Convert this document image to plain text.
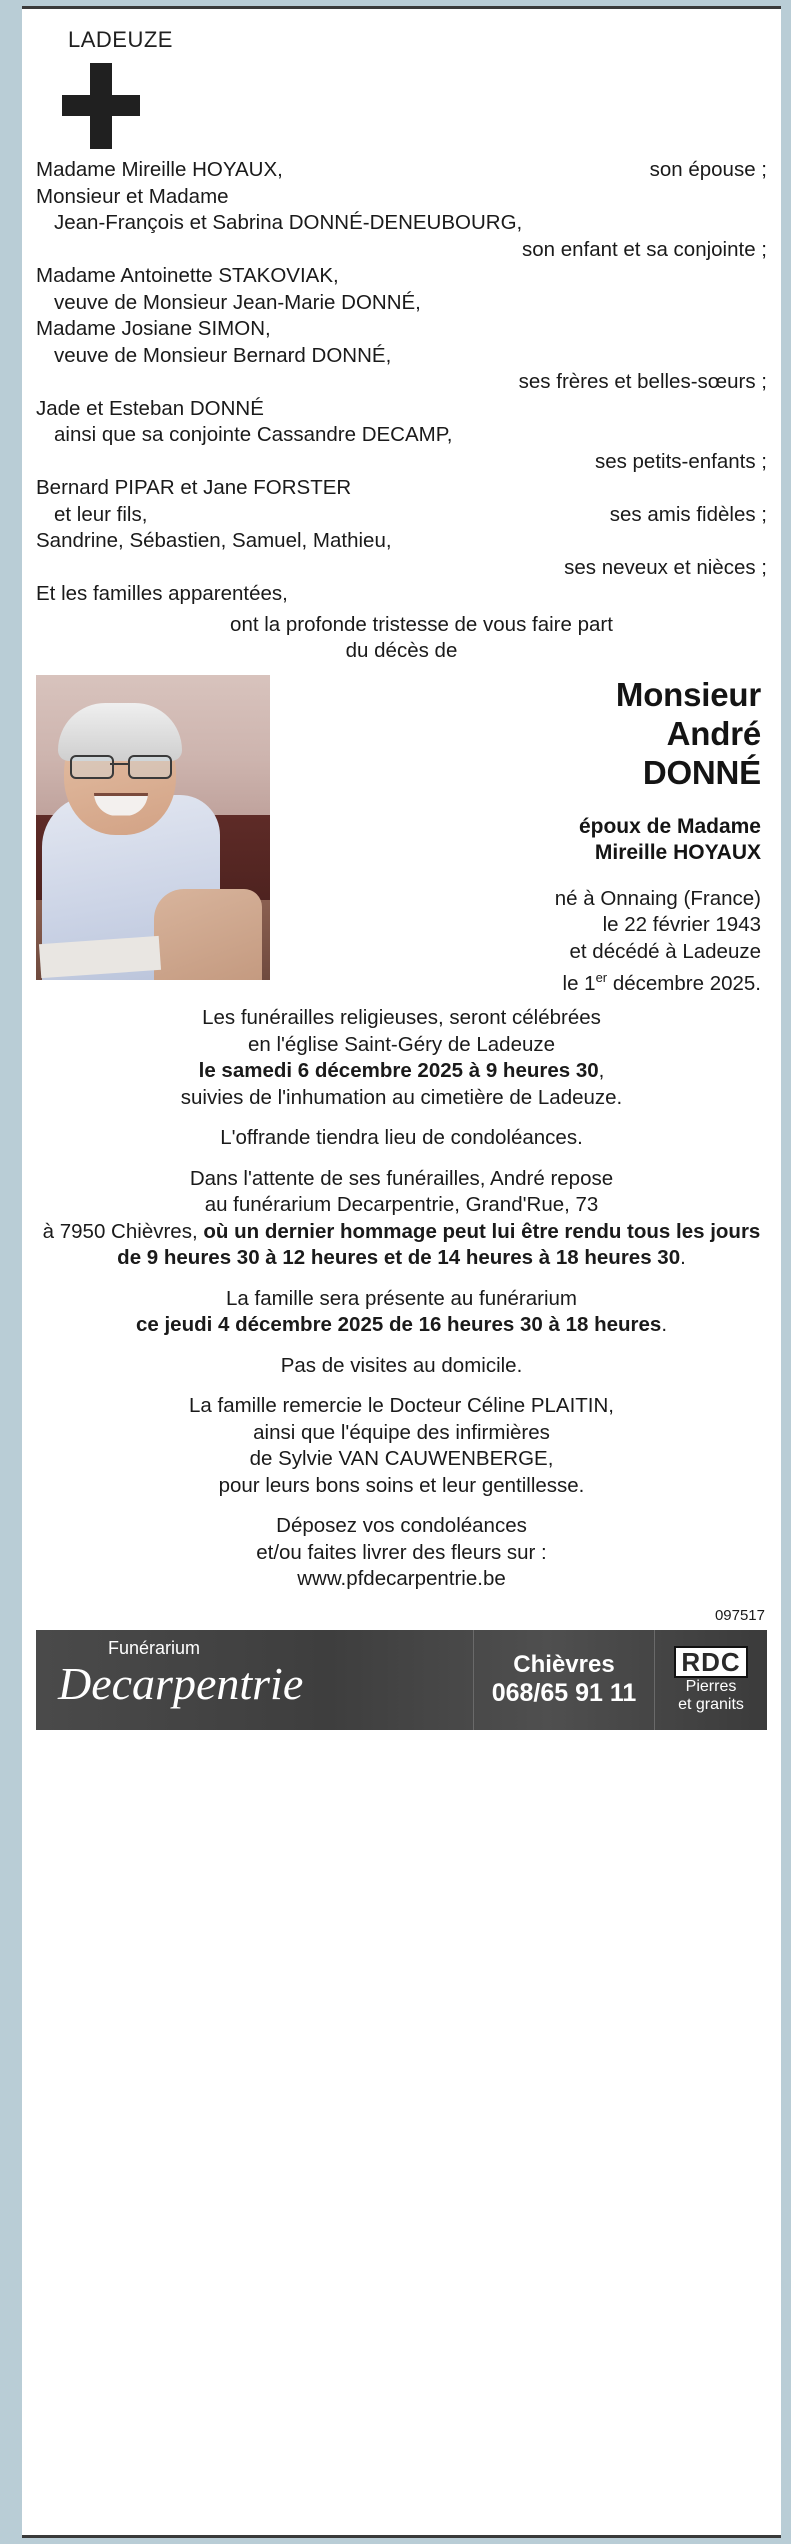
LADEUZE
Madame Mireille HOYAUX,	son épouse ;
Monsieur et Madame
Jean-François et Sabrina DONNÉ-DENEUBOURG,
son enfant et sa conjointe ;
Madame Antoinette STAKOVIAK,
veuve de Monsieur Jean-Marie DONNÉ,
Madame Josiane SIMON,
veuve de Monsieur Bernard DONNÉ,
ses frères et belles-sœurs ;
Jade et Esteban DONNÉ
ainsi que sa conjointe Cassandre DECAMP,
ses petits-enfants ;
Bernard PIPAR et Jane FORSTER
et leur fils,	ses amis fidèles ;
Sandrine, Sébastien, Samuel, Mathieu,
ses neveux et nièces ;
Et les familles apparentées,
ont la profonde tristesse de vous faire part
du décès de
Monsieur
André
DONNÉ
époux de Madame
Mireille HOYAUX
né à Onnaing (France)
le 22 février 1943
et décédé à Ladeuze
le 1er décembre 2025.

Les funérailles religieuses, seront célébrées
en l'église Saint-Géry de Ladeuze
le samedi 6 décembre 2025 à 9 heures 30,
suivies de l'inhumation au cimetière de Ladeuze.

L'offrande tiendra lieu de condoléances.

Dans l'attente de ses funérailles, André repose
au funérarium Decarpentrie, Grand'Rue, 73
à 7950 Chièvres, où un dernier hommage peut lui être rendu tous les jours de 9 heures 30 à 12 heures et de 14 heures à 18 heures 30.

La famille sera présente au funérarium
ce jeudi 4 décembre 2025 de 16 heures 30 à 18 heures.

Pas de visites au domicile.

La famille remercie le Docteur Céline PLAITIN,
ainsi que l'équipe des infirmières
de Sylvie VAN CAUWENBERGE,
pour leurs bons soins et leur gentillesse.

Déposez vos condoléances
et/ou faites livrer des fleurs sur :
www.pfdecarpentrie.be

097517
Funérarium
Decarpentrie	Chièvres
068/65 91 11
RDC
Pierres
et granits
